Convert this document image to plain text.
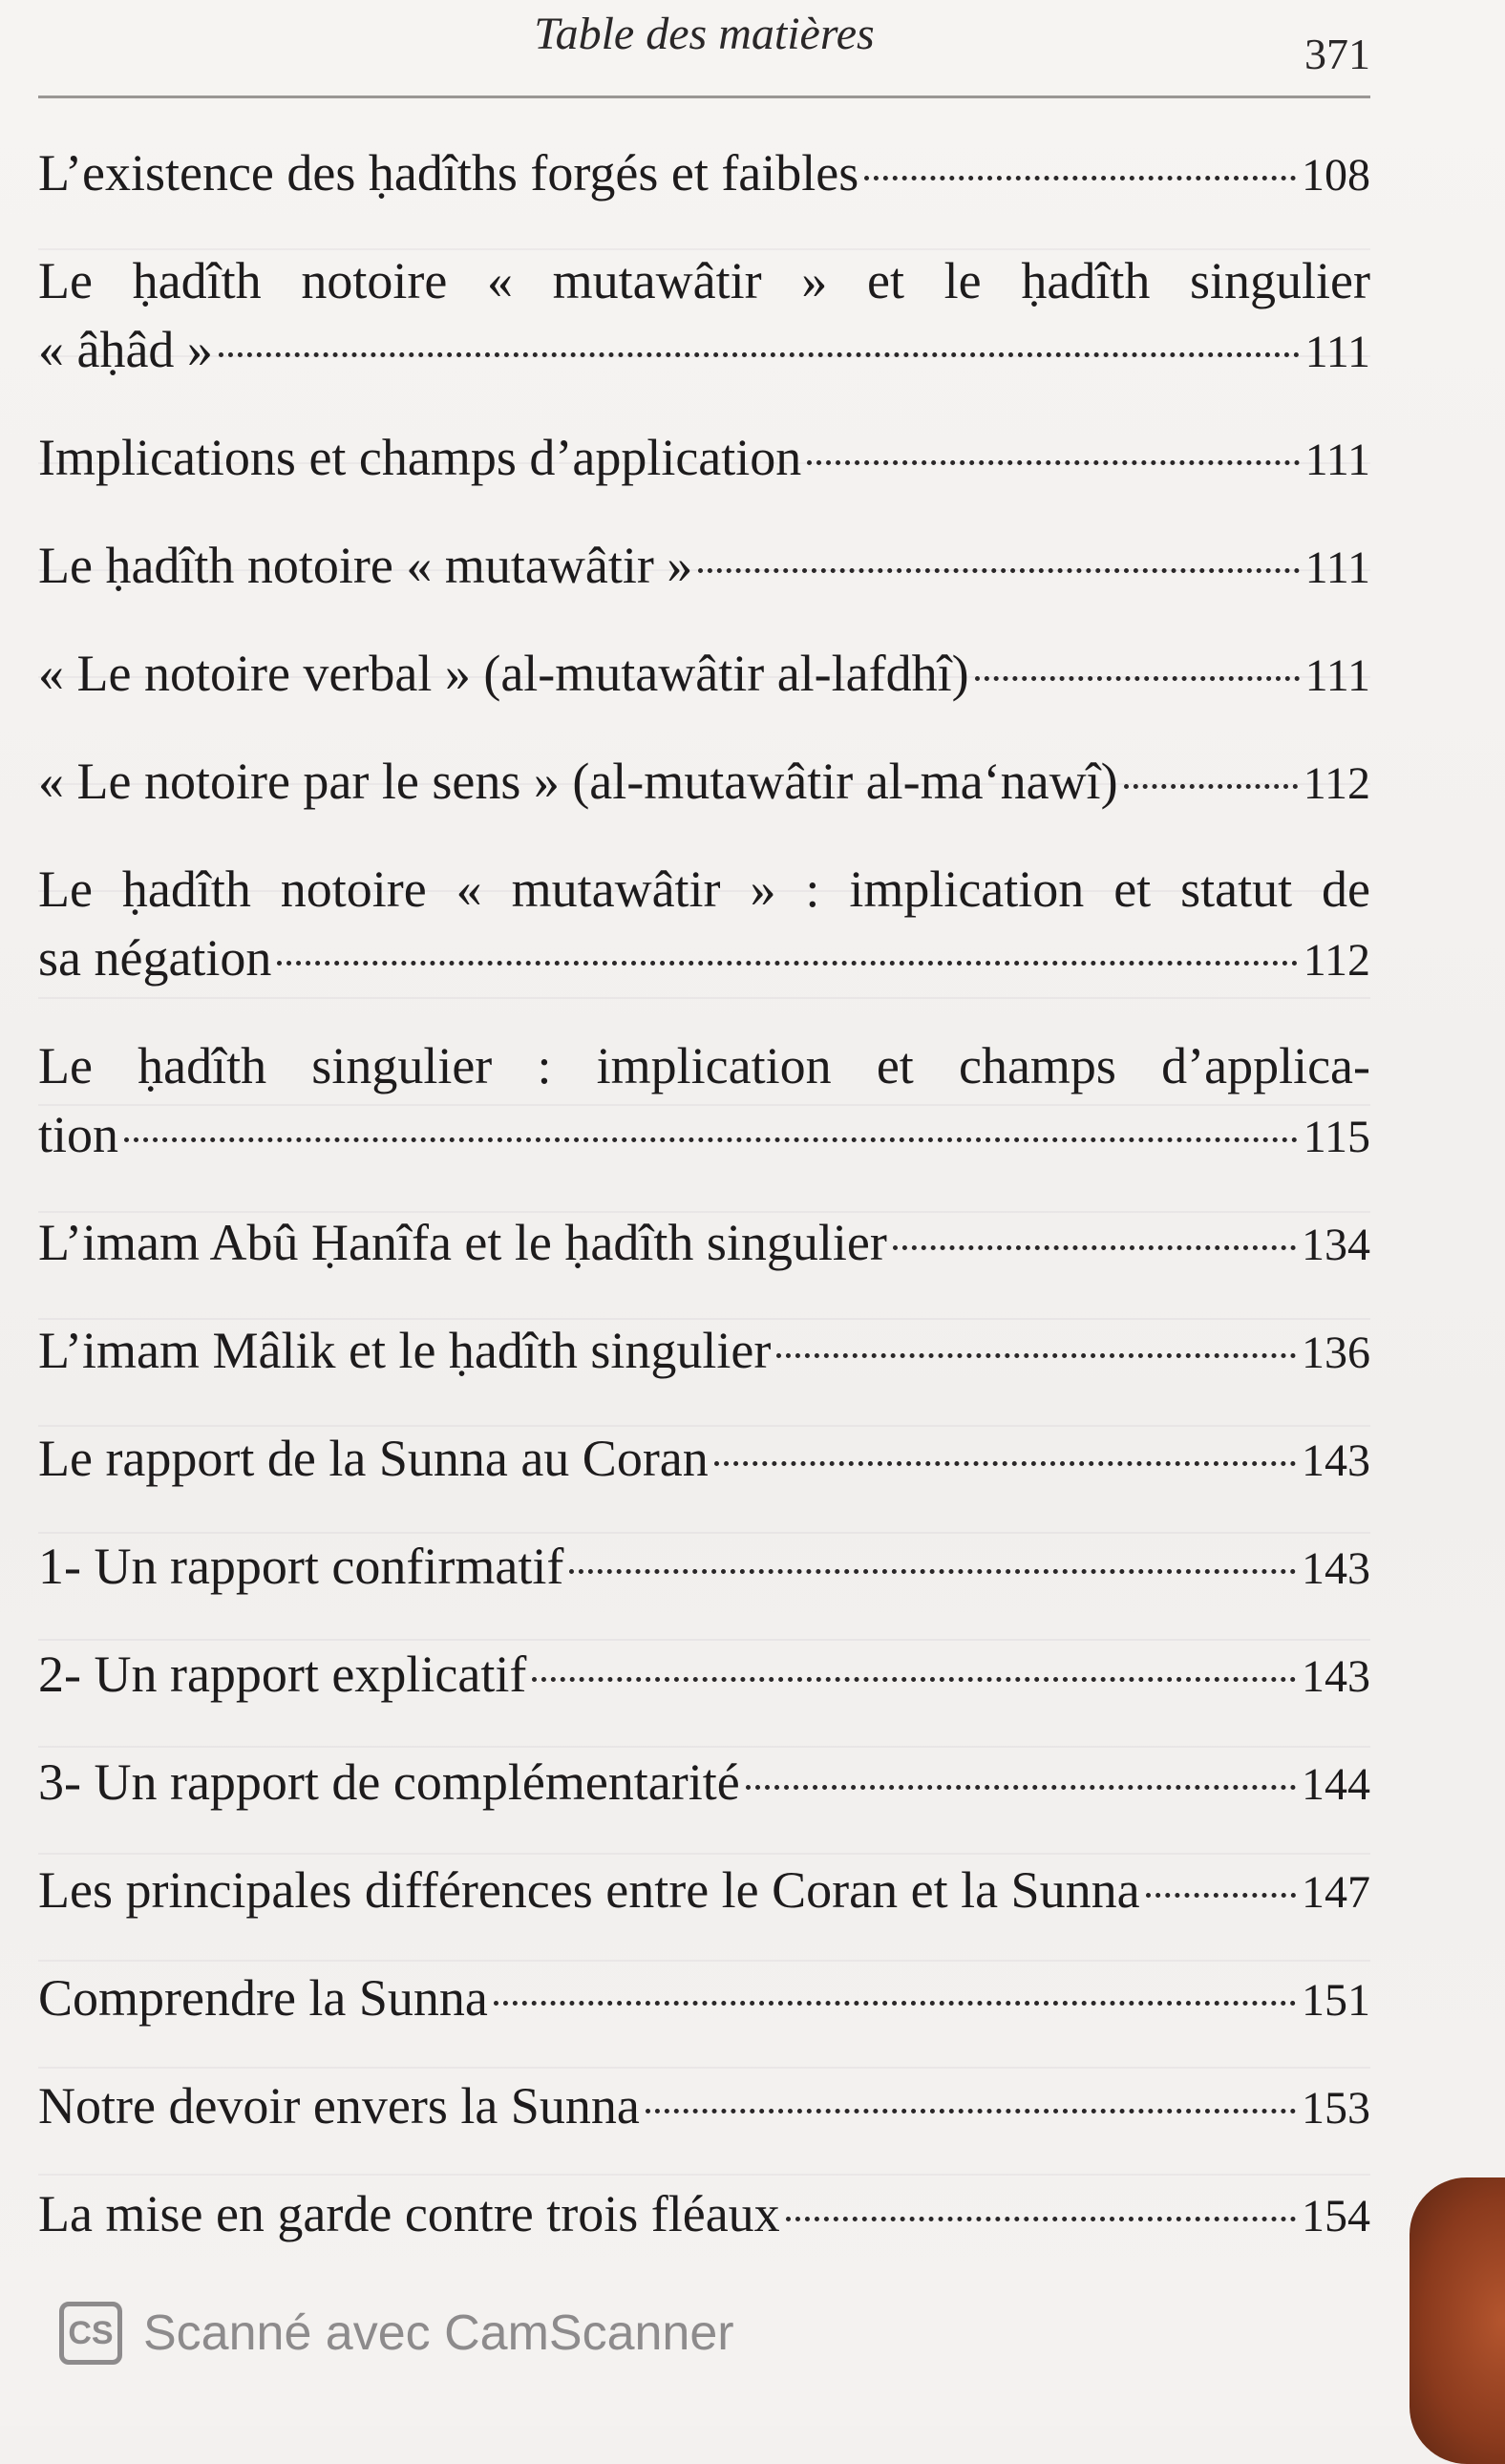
Table des matières	371
L’existence des ḥadîths forgés et faibles	108
Le ḥadîth notoire « mutawâtir » et le ḥadîth singulier
« âḥâd »	111
Implications et champs d’application	111
Le ḥadîth notoire « mutawâtir »	111
« Le notoire verbal » (al-mutawâtir al-lafdhî)	111
« Le notoire par le sens » (al-mutawâtir al-ma‘nawî)	112
Le ḥadîth notoire « mutawâtir » : implication et statut de
sa négation	112
Le ḥadîth singulier : implication et champs d’applica-
tion	115
L’imam Abû Ḥanîfa et le ḥadîth singulier	134
L’imam Mâlik et le ḥadîth singulier	136
Le rapport de la Sunna au Coran	143
1- Un rapport confirmatif	143
2- Un rapport explicatif	143
3- Un rapport de complémentarité	144
Les principales différences entre le Coran et la Sunna	147
Comprendre la Sunna	151
Notre devoir envers la Sunna	153
La mise en garde contre trois fléaux	154
CS Scanné avec CamScanner
